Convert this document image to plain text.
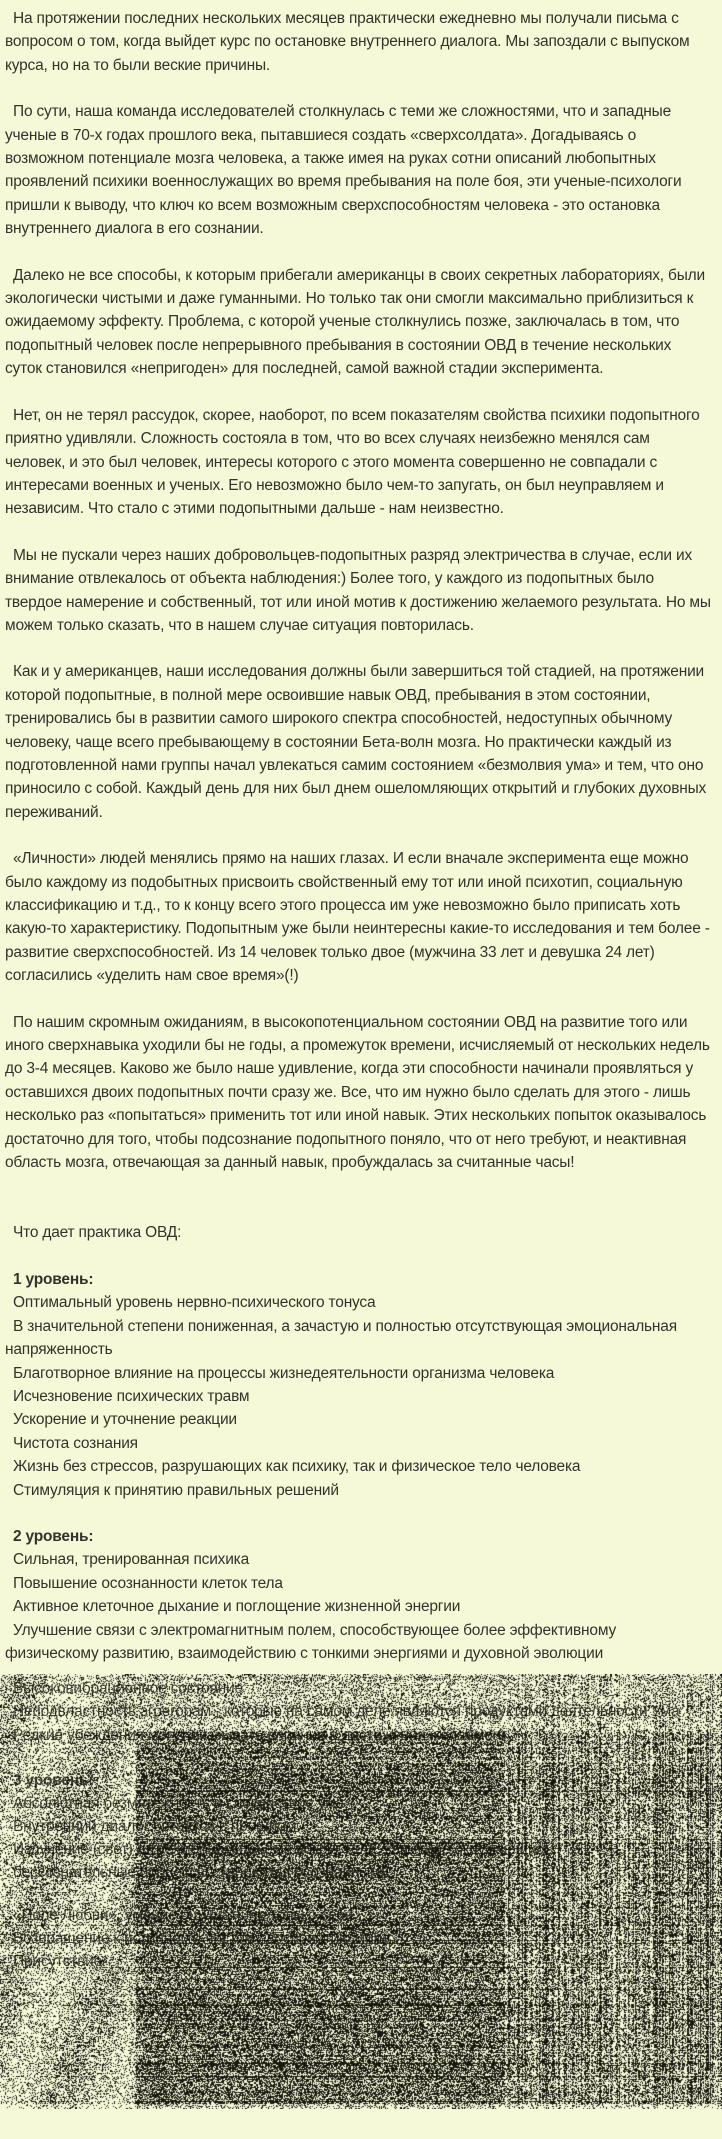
На протяжении последних нескольких месяцев практически ежедневно мы получали письма с вопросом о том, когда выйдет курс по остановке внутреннего диалога. Мы запоздали с выпуском курса, но на то были веские причины.

По сути, наша команда исследователей столкнулась с теми же сложностями, что и западные ученые в 70-х годах прошлого века, пытавшиеся создать «сверхсолдата». Догадываясь о возможном потенциале мозга человека, а также имея на руках сотни описаний любопытных проявлений психики военнослужащих во время пребывания на поле боя, эти ученые-психологи пришли к выводу, что ключ ко всем возможным сверхспособностям человека - это остановка внутреннего диалога в его сознании.

Далеко не все способы, к которым прибегали американцы в своих секретных лабораториях, были экологически чистыми и даже гуманными. Но только так они смогли максимально приблизиться к ожидаемому эффекту. Проблема, с которой ученые столкнулись позже, заключалась в том, что подопытный человек после непрерывного пребывания в состоянии ОВД в течение нескольких суток становился «непригоден» для последней, самой важной стадии эксперимента.

Нет, он не терял рассудок, скорее, наоборот, по всем показателям свойства психики подопытного приятно удивляли. Сложность состояла в том, что во всех случаях неизбежно менялся сам человек, и это был человек, интересы которого с этого момента совершенно не совпадали с интересами военных и ученых. Его невозможно было чем-то запугать, он был неуправляем и независим. Что стало с этими подопытными дальше - нам неизвестно.

Мы не пускали через наших добровольцев-подопытных разряд электричества в случае, если их внимание отвлекалось от объекта наблюдения:) Более того, у каждого из подопытных было твердое намерение и собственный, тот или иной мотив к достижению желаемого результата. Но мы можем только сказать, что в нашем случае ситуация повторилась.

Как и у американцев, наши исследования должны были завершиться той стадией, на протяжении которой подопытные, в полной мере освоившие навык ОВД, пребывания в этом состоянии, тренировались бы в развитии самого широкого спектра способностей, недоступных обычному человеку, чаще всего пребывающему в состоянии Бета-волн мозга. Но практически каждый из подготовленной нами группы начал увлекаться самим состоянием «безмолвия ума» и тем, что оно приносило с собой. Каждый день для них был днем ошеломляющих открытий и глубоких духовных переживаний.

«Личности» людей менялись прямо на наших глазах. И если вначале эксперимента еще можно было каждому из подобытных присвоить свойственный ему тот или иной психотип, социальную классификацию и т.д., то к концу всего этого процесса им уже невозможно было приписать хоть какую-то характеристику. Подопытным уже были неинтересны какие-то исследования и тем более - развитие сверхспособностей. Из 14 человек только двое (мужчина 33 лет и девушка 24 лет) согласились «уделить нам свое время»(!)

По нашим скромным ожиданиям, в высокопотенциальном состоянии ОВД на развитие того или иного сверхнавыка уходили бы не годы, а промежуток времени, исчисляемый от нескольких недель до 3-4 месяцев. Каково же было наше удивление, когда эти способности начинали проявляться у оставшихся двоих подопытных почти сразу же. Все, что им нужно было сделать для этого - лишь несколько раз «попытаться» применить тот или иной навык. Этих нескольких попыток оказывалось достаточно для того, чтобы подсознание подопытного поняло, что от него требуют, и неактивная область мозга, отвечающая за данный навык, пробуждалась за считанные часы!

Что дает практика ОВД:

1 уровень:

Оптимальный уровень нервно-психического тонуса

В значительной степени пониженная, а зачастую и полностью отсутствующая эмоциональная напряженность

Благотворное влияние на процессы жизнедеятельности организма человека

Исчезновение психических травм

Ускорение и уточнение реакции

Чистота сознания

Жизнь без стрессов, разрушающих как психику, так и физическое тело человека

Стимуляция к принятию правильных решений

2 уровень:

Сильная, тренированная психика

Повышение осознанности клеток тела

Активное клеточное дыхание и поглощение жизненной энергии

Улучшение связи с электромагнитным полем, способствующее более эффективному физическому развитию, взаимодействию с тонкими энергиями и духовной эволюции
